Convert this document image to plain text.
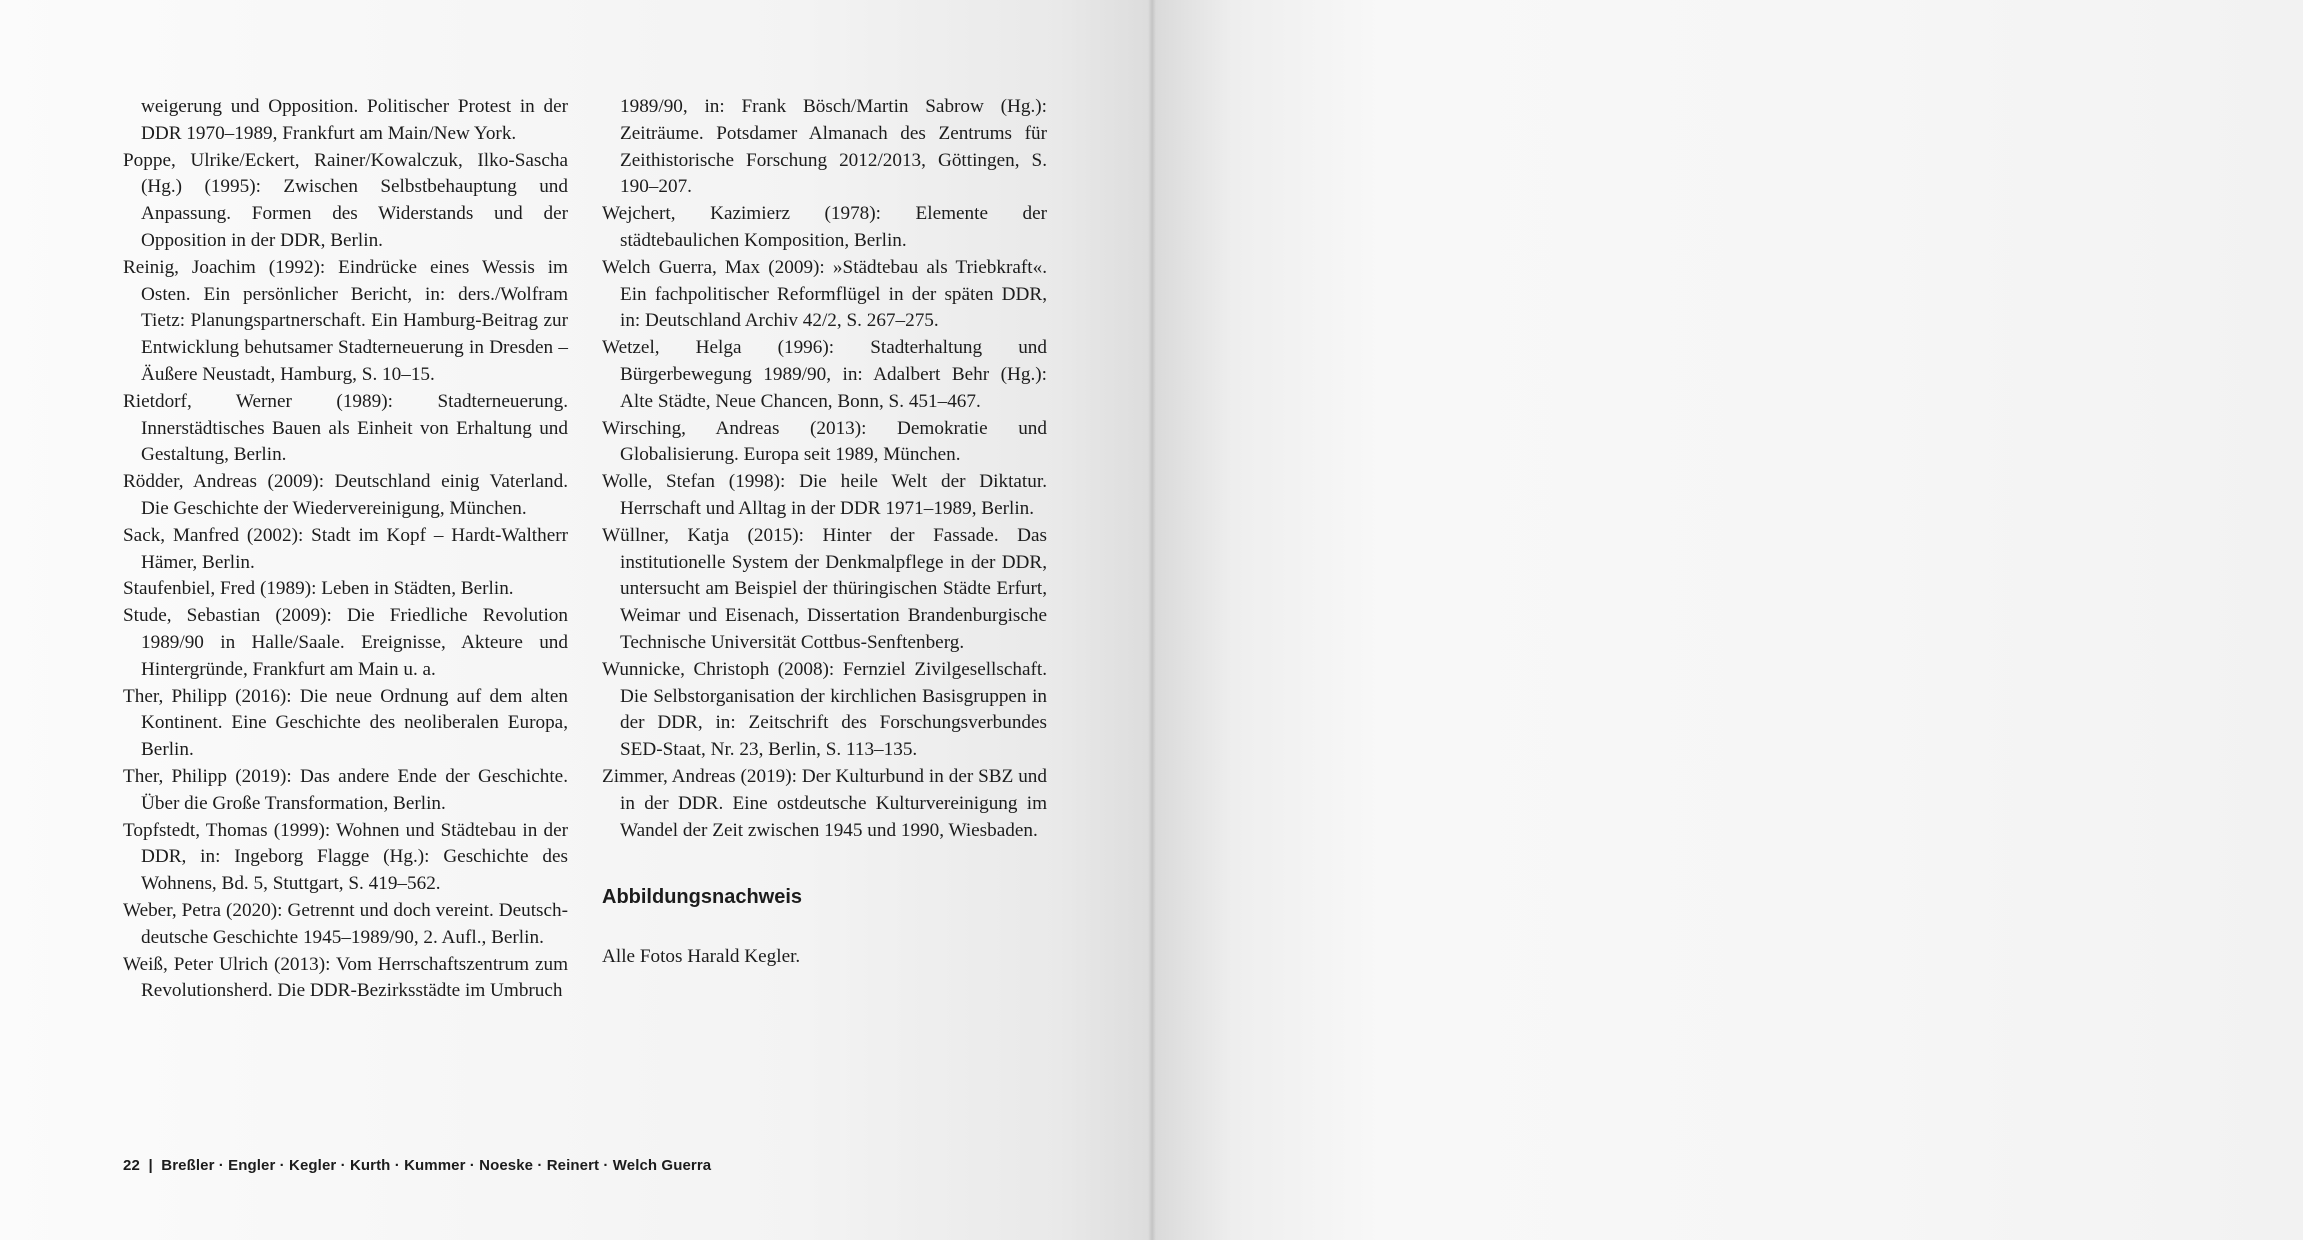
weigerung und Opposition. Politischer Protest in der DDR 1970–1989, Frankfurt am Main/New York.

Poppe, Ulrike/Eckert, Rainer/Kowalczuk, Ilko-Sascha (Hg.) (1995): Zwischen Selbstbehauptung und Anpassung. Formen des Widerstands und der Opposition in der DDR, Berlin.

Reinig, Joachim (1992): Eindrücke eines Wessis im Osten. Ein persönlicher Bericht, in: ders./Wolfram Tietz: Planungspartnerschaft. Ein Hamburg-Beitrag zur Entwicklung behutsamer Stadterneuerung in Dresden – Äußere Neustadt, Hamburg, S. 10–15.

Rietdorf, Werner (1989): Stadterneuerung. Innerstädtisches Bauen als Einheit von Erhaltung und Gestaltung, Berlin.

Rödder, Andreas (2009): Deutschland einig Vaterland. Die Geschichte der Wiedervereinigung, München.

Sack, Manfred (2002): Stadt im Kopf – Hardt-Waltherr Hämer, Berlin.

Staufenbiel, Fred (1989): Leben in Städten, Berlin.

Stude, Sebastian (2009): Die Friedliche Revolution 1989/90 in Halle/Saale. Ereignisse, Akteure und Hintergründe, Frankfurt am Main u. a.

Ther, Philipp (2016): Die neue Ordnung auf dem alten Kontinent. Eine Geschichte des neoliberalen Europa, Berlin.

Ther, Philipp (2019): Das andere Ende der Geschichte. Über die Große Transformation, Berlin.

Topfstedt, Thomas (1999): Wohnen und Städtebau in der DDR, in: Ingeborg Flagge (Hg.): Geschichte des Wohnens, Bd. 5, Stuttgart, S. 419–562.

Weber, Petra (2020): Getrennt und doch vereint. Deutsch-deutsche Geschichte 1945–1989/90, 2. Aufl., Berlin.

Weiß, Peter Ulrich (2013): Vom Herrschaftszentrum zum Revolutionsherd. Die DDR-Bezirksstädte im Umbruch

1989/90, in: Frank Bösch/Martin Sabrow (Hg.): Zeiträume. Potsdamer Almanach des Zentrums für Zeithistorische Forschung 2012/2013, Göttingen, S. 190–207.

Wejchert, Kazimierz (1978): Elemente der städtebaulichen Komposition, Berlin.

Welch Guerra, Max (2009): »Städtebau als Triebkraft«. Ein fachpolitischer Reformflügel in der späten DDR, in: Deutschland Archiv 42/2, S. 267–275.

Wetzel, Helga (1996): Stadterhaltung und Bürgerbewegung 1989/90, in: Adalbert Behr (Hg.): Alte Städte, Neue Chancen, Bonn, S. 451–467.

Wirsching, Andreas (2013): Demokratie und Globalisierung. Europa seit 1989, München.

Wolle, Stefan (1998): Die heile Welt der Diktatur. Herrschaft und Alltag in der DDR 1971–1989, Berlin.

Wüllner, Katja (2015): Hinter der Fassade. Das institutionelle System der Denkmalpflege in der DDR, untersucht am Beispiel der thüringischen Städte Erfurt, Weimar und Eisenach, Dissertation Brandenburgische Technische Universität Cottbus-Senftenberg.

Wunnicke, Christoph (2008): Fernziel Zivilgesellschaft. Die Selbstorganisation der kirchlichen Basisgruppen in der DDR, in: Zeitschrift des Forschungsverbundes SED-Staat, Nr. 23, Berlin, S. 113–135.

Zimmer, Andreas (2019): Der Kulturbund in der SBZ und in der DDR. Eine ostdeutsche Kulturvereinigung im Wandel der Zeit zwischen 1945 und 1990, Wiesbaden.

Abbildungsnachweis

Alle Fotos Harald Kegler.

22 | Breßler · Engler · Kegler · Kurth · Kummer · Noeske · Reinert · Welch Guerra
